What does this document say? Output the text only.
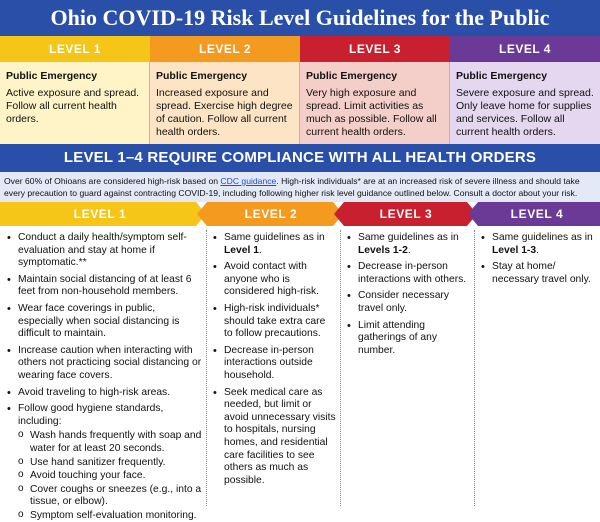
Ohio COVID-19 Risk Level Guidelines for the Public
LEVEL 1	LEVEL 2	LEVEL 3	LEVEL 4
Public Emergency
Active exposure and spread. Follow all current health orders.
Public Emergency
Increased exposure and spread. Exercise high degree of caution. Follow all current health orders.
Public Emergency
Very high exposure and spread. Limit activities as much as possible. Follow all current health orders.
Public Emergency
Severe exposure and spread. Only leave home for supplies and services. Follow all current health orders.
LEVEL 1–4 REQUIRE COMPLIANCE WITH ALL HEALTH ORDERS
Over 60% of Ohioans are considered high-risk based on CDC guidance. High-risk individuals* are at an increased risk of severe illness and should take every precaution to guard against contracting COVID-19, including following higher risk level guidance outlined below. Consult a doctor about your risk.
LEVEL 1	LEVEL 2	LEVEL 3	LEVEL 4
• Conduct a daily health/symptom self-evaluation and stay at home if symptomatic.**
• Maintain social distancing of at least 6 feet from non-household members.
• Wear face coverings in public, especially when social distancing is difficult to maintain.
• Increase caution when interacting with others not practicing social distancing or wearing face covers.
• Avoid traveling to high-risk areas.
• Follow good hygiene standards, including:
o Wash hands frequently with soap and water for at least 20 seconds.
o Use hand sanitizer frequently.
o Avoid touching your face.
o Cover coughs or sneezes (e.g., into a tissue, or elbow).
o Symptom self-evaluation monitoring.
• Same guidelines as in Level 1.
• Avoid contact with anyone who is considered high-risk.
• High-risk individuals* should take extra care to follow precautions.
• Decrease in-person interactions outside household.
• Seek medical care as needed, but limit or avoid unnecessary visits to hospitals, nursing homes, and residential care facilities to see others as much as possible.
• Same guidelines as in Levels 1-2.
• Decrease in-person interactions with others.
• Consider necessary travel only.
• Limit attending gatherings of any number.
• Same guidelines as in Level 1-3.
• Stay at home/ necessary travel only.
